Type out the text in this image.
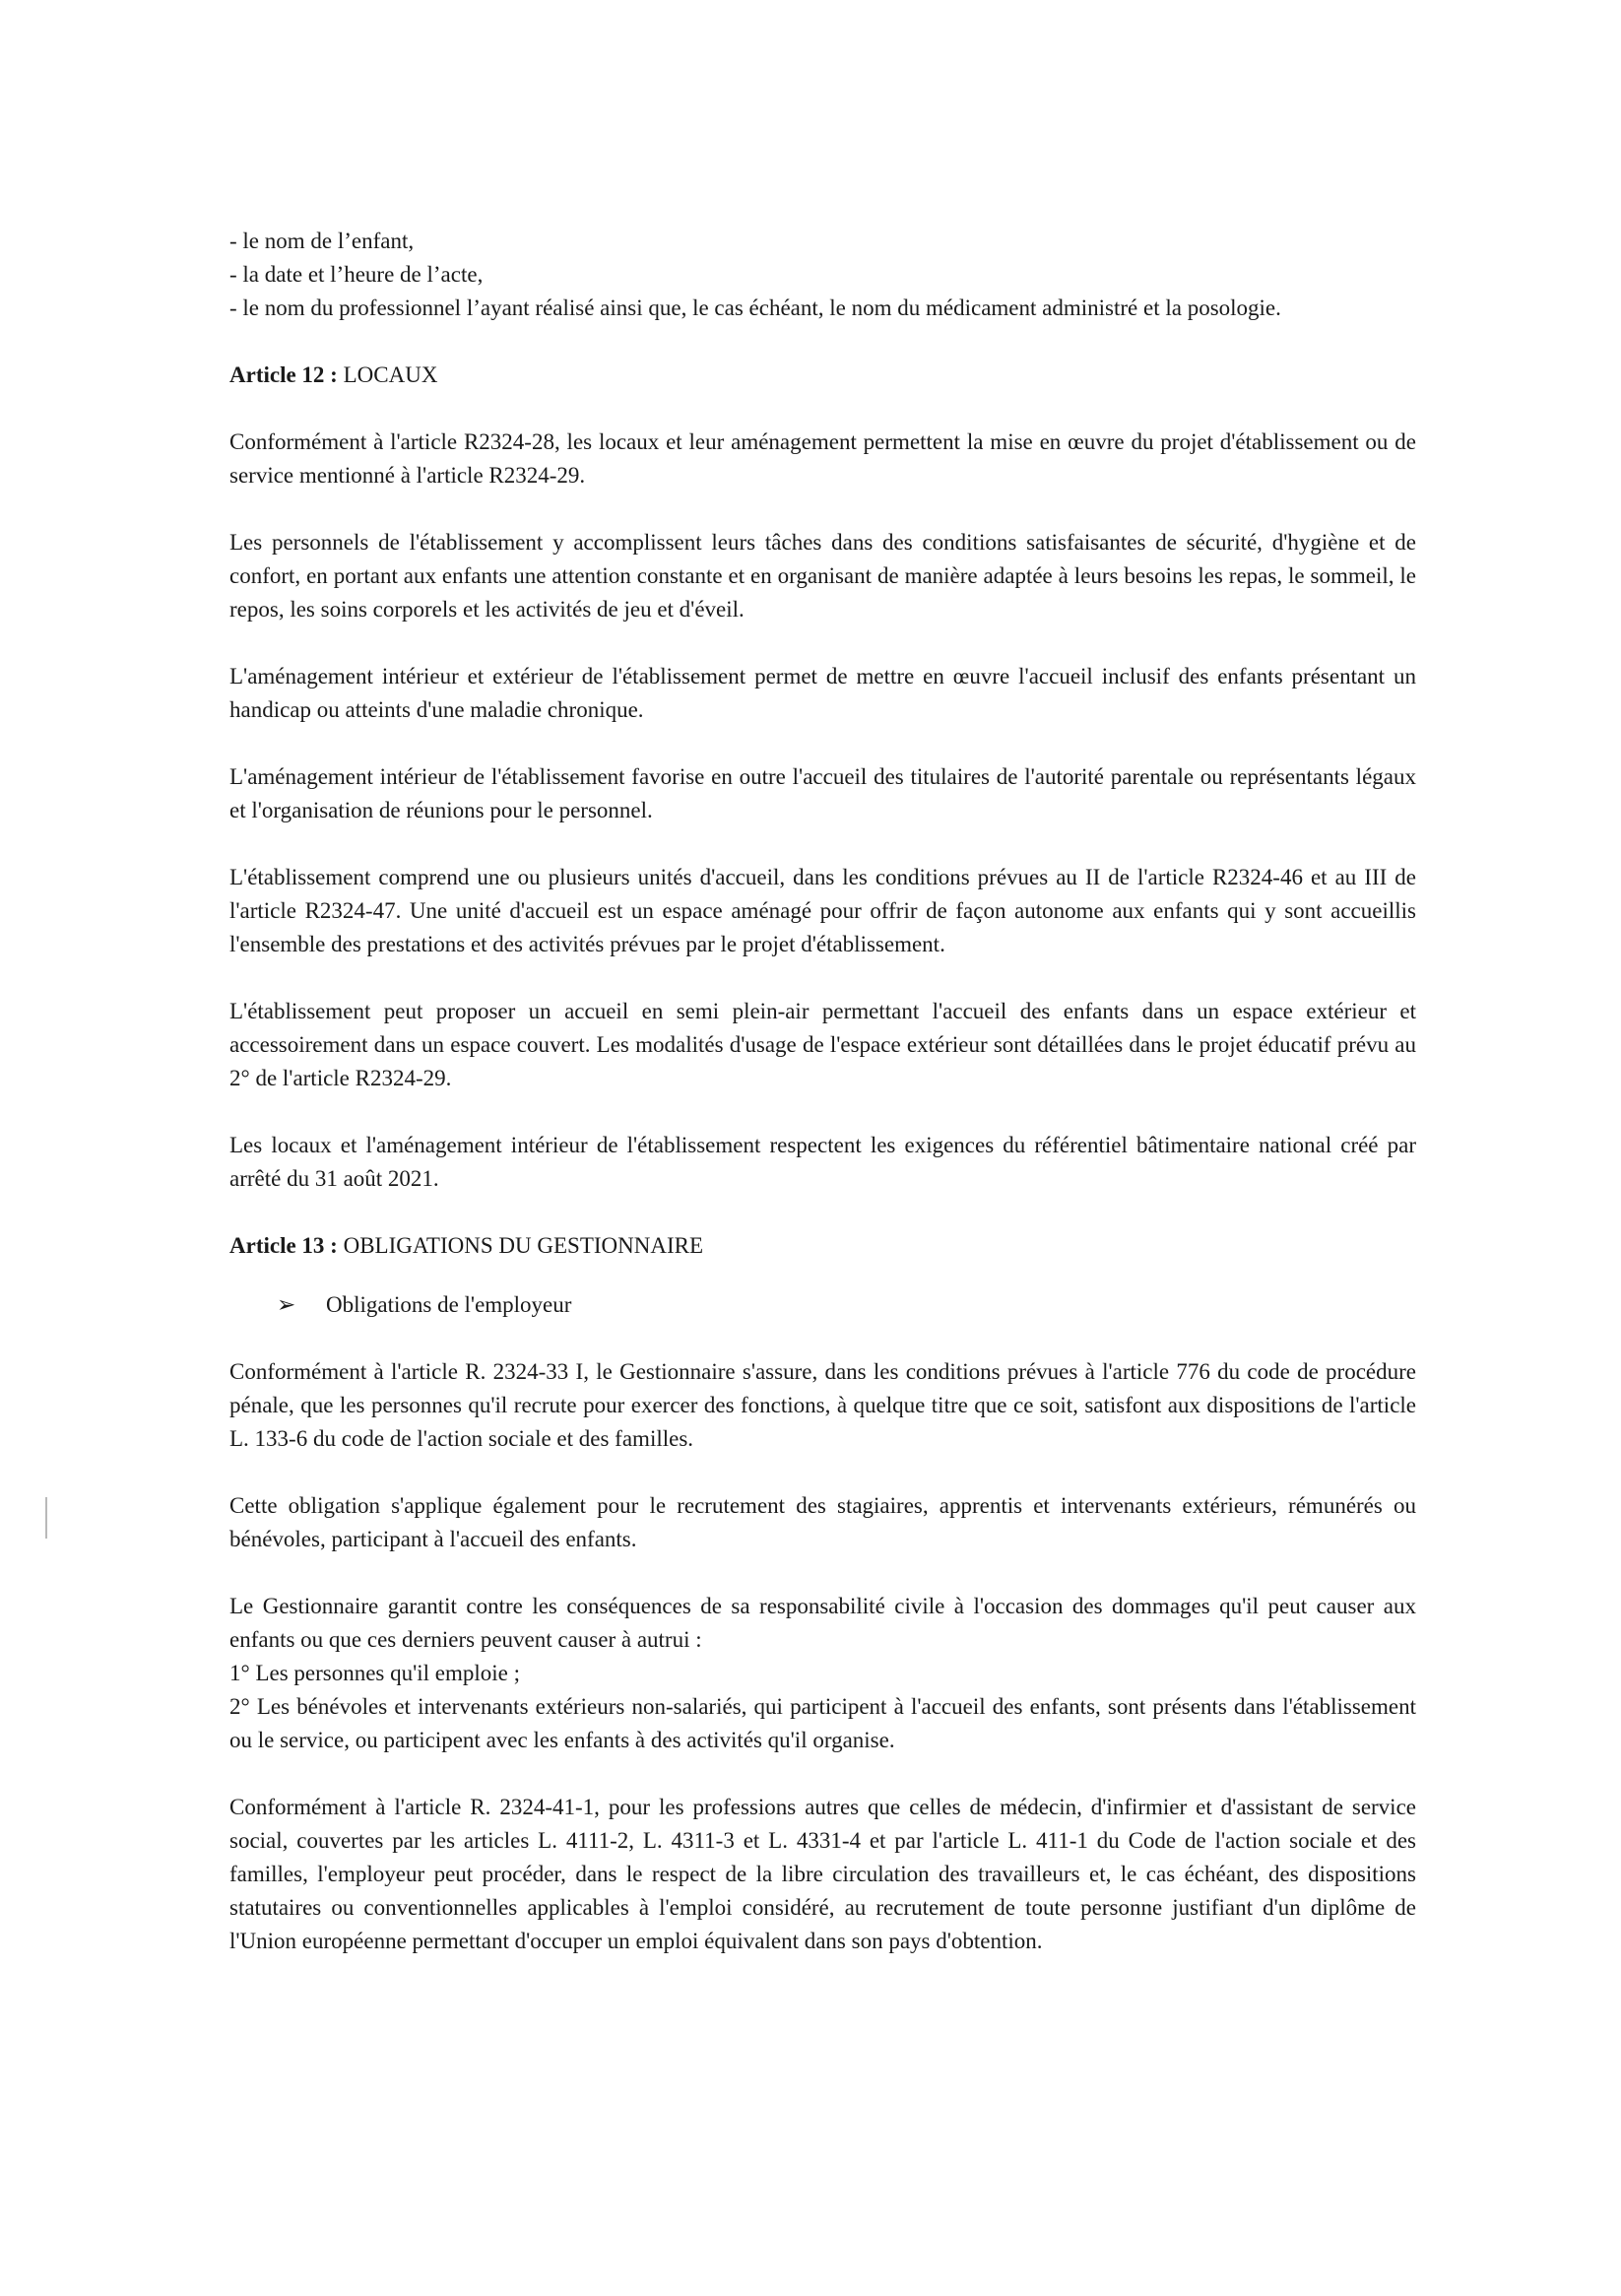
- le nom de l’enfant,
- la date et l’heure de l’acte,
- le nom du professionnel l’ayant réalisé ainsi que, le cas échéant, le nom du médicament administré et la posologie.
Article 12 : LOCAUX

Conformément à l'article R2324-28, les locaux et leur aménagement permettent la mise en œuvre du projet d'établissement ou de service mentionné à l'article R2324-29.

Les personnels de l'établissement y accomplissent leurs tâches dans des conditions satisfaisantes de sécurité, d'hygiène et de confort, en portant aux enfants une attention constante et en organisant de manière adaptée à leurs besoins les repas, le sommeil, le repos, les soins corporels et les activités de jeu et d'éveil.

L'aménagement intérieur et extérieur de l'établissement permet de mettre en œuvre l'accueil inclusif des enfants présentant un handicap ou atteints d'une maladie chronique.

L'aménagement intérieur de l'établissement favorise en outre l'accueil des titulaires de l'autorité parentale ou représentants légaux et l'organisation de réunions pour le personnel.

L'établissement comprend une ou plusieurs unités d'accueil, dans les conditions prévues au II de l'article R2324-46 et au III de l'article R2324-47. Une unité d'accueil est un espace aménagé pour offrir de façon autonome aux enfants qui y sont accueillis l'ensemble des prestations et des activités prévues par le projet d'établissement.

L'établissement peut proposer un accueil en semi plein-air permettant l'accueil des enfants dans un espace extérieur et accessoirement dans un espace couvert. Les modalités d'usage de l'espace extérieur sont détaillées dans le projet éducatif prévu au 2° de l'article R2324-29.

Les locaux et l'aménagement intérieur de l'établissement respectent les exigences du référentiel bâtimentaire national créé par arrêté du 31 août 2021.

Article 13 : OBLIGATIONS DU GESTIONNAIRE
➢	Obligations de l'employeur

Conformément à l'article R. 2324-33 I, le Gestionnaire s'assure, dans les conditions prévues à l'article 776 du code de procédure pénale, que les personnes qu'il recrute pour exercer des fonctions, à quelque titre que ce soit, satisfont aux dispositions de l'article L. 133-6 du code de l'action sociale et des familles.

Cette obligation s'applique également pour le recrutement des stagiaires, apprentis et intervenants extérieurs, rémunérés ou bénévoles, participant à l'accueil des enfants.

Le Gestionnaire garantit contre les conséquences de sa responsabilité civile à l'occasion des dommages qu'il peut causer aux enfants ou que ces derniers peuvent causer à autrui :
1° Les personnes qu'il emploie ;
2° Les bénévoles et intervenants extérieurs non-salariés, qui participent à l'accueil des enfants, sont présents dans l'établissement ou le service, ou participent avec les enfants à des activités qu'il organise.

Conformément à l'article R. 2324-41-1, pour les professions autres que celles de médecin, d'infirmier et d'assistant de service social, couvertes par les articles L. 4111-2, L. 4311-3 et L. 4331-4 et par l'article L. 411-1 du Code de l'action sociale et des familles, l'employeur peut procéder, dans le respect de la libre circulation des travailleurs et, le cas échéant, des dispositions statutaires ou conventionnelles applicables à l'emploi considéré, au recrutement de toute personne justifiant d'un diplôme de l'Union européenne permettant d'occuper un emploi équivalent dans son pays d'obtention.
